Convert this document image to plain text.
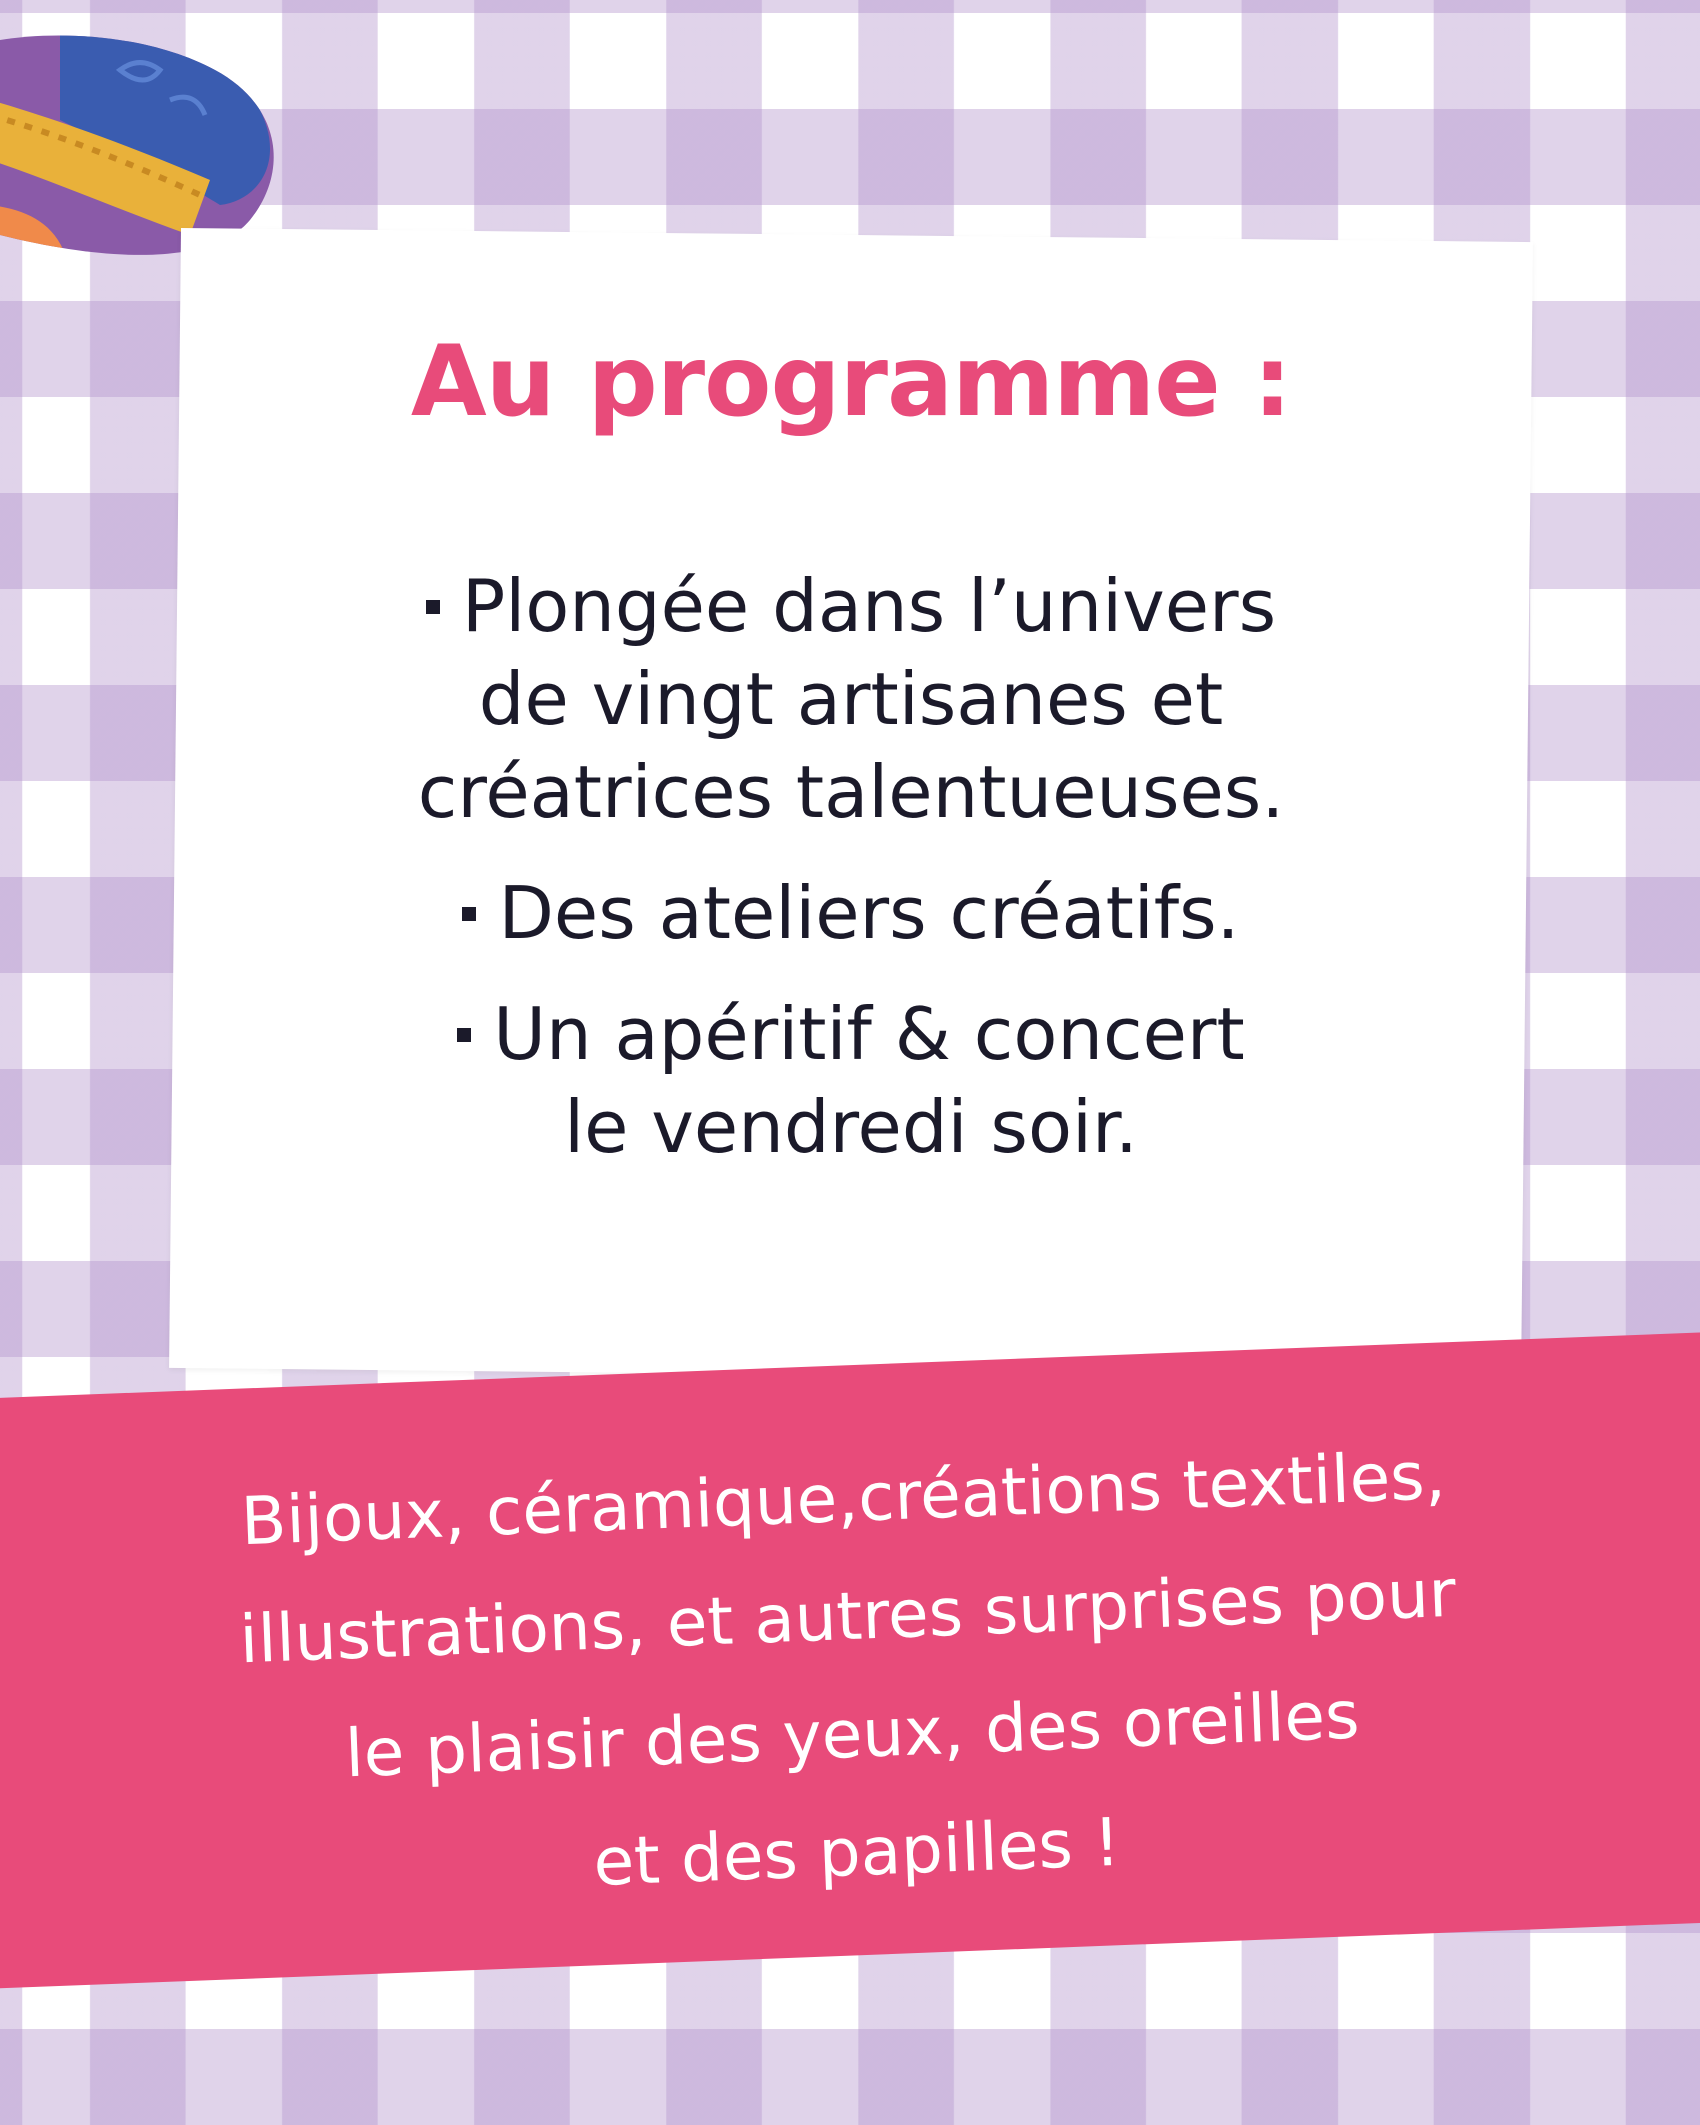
Au programme :
Plongée dans l’univers
de vingt artisanes et
créatrices talentueuses.
Des ateliers créatifs.
Un apéritif & concert
le vendredi soir.

Bijoux, céramique,créations textiles,
illustrations, et autres surprises pour
le plaisir des yeux, des oreilles
et des papilles !
